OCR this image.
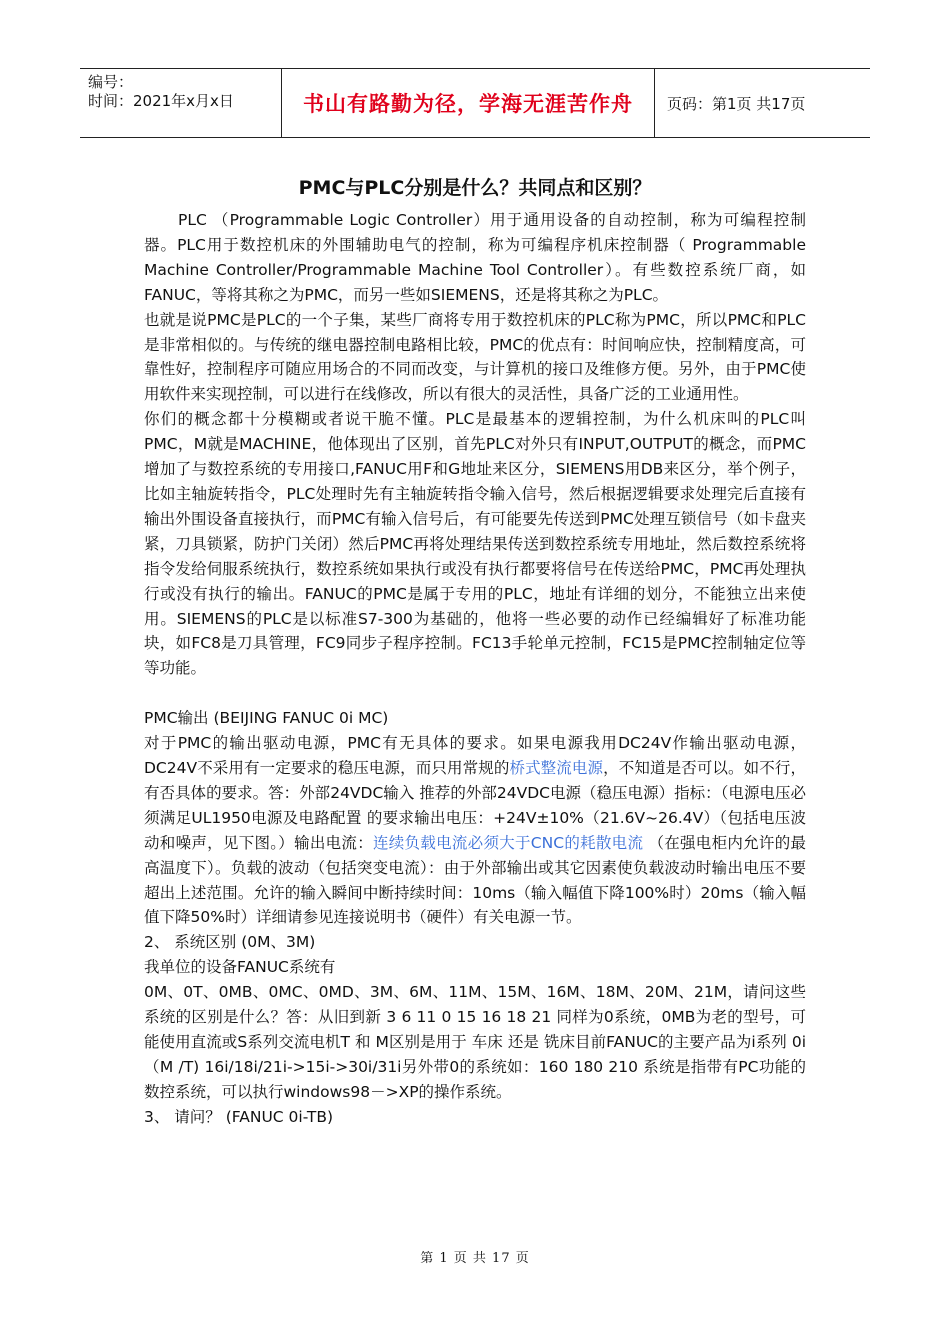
编号：
时间：2021年x月x日	书山有路勤为径，学海无涯苦作舟	页码：第1页 共17页
PMC与PLC分别是什么？共同点和区别？

PLC （Programmable Logic Controller）用于通用设备的自动控制，称为可编程控制器。PLC用于数控机床的外围辅助电气的控制，称为可编程序机床控制器（ Programmable Machine Controller/Programmable Machine Tool Controller）。有些数控系统厂商，如FANUC，等将其称之为PMC，而另一些如SIEMENS，还是将其称之为PLC。

也就是说PMC是PLC的一个子集，某些厂商将专用于数控机床的PLC称为PMC，所以PMC和PLC是非常相似的。与传统的继电器控制电路相比较，PMC的优点有：时间响应快，控制精度高，可靠性好，控制程序可随应用场合的不同而改变，与计算机的接口及维修方便。另外，由于PMC使用软件来实现控制，可以进行在线修改，所以有很大的灵活性，具备广泛的工业通用性。

你们的概念都十分模糊或者说干脆不懂。PLC是最基本的逻辑控制，为什么机床叫的PLC叫PMC，M就是MACHINE，他体现出了区别，首先PLC对外只有INPUT,OUTPUT的概念，而PMC增加了与数控系统的专用接口,FANUC用F和G地址来区分，SIEMENS用DB来区分，举个例子，比如主轴旋转指令，PLC处理时先有主轴旋转指令输入信号，然后根据逻辑要求处理完后直接有输出外围设备直接执行，而PMC有输入信号后，有可能要先传送到PMC处理互锁信号（如卡盘夹紧，刀具锁紧，防护门关闭）然后PMC再将处理结果传送到数控系统专用地址，然后数控系统将指令发给伺服系统执行，数控系统如果执行或没有执行都要将信号在传送给PMC，PMC再处理执行或没有执行的输出。FANUC的PMC是属于专用的PLC，地址有详细的划分，不能独立出来使用。SIEMENS的PLC是以标准S7-300为基础的，他将一些必要的动作已经编辑好了标准功能块，如FC8是刀具管理，FC9同步子程序控制。FC13手轮单元控制，FC15是PMC控制轴定位等等功能。

PMC输出 (BEIJING FANUC 0i MC)

对于PMC的输出驱动电源，PMC有无具体的要求。如果电源我用DC24V作输出驱动电源，DC24V不采用有一定要求的稳压电源，而只用常规的桥式整流电源，不知道是否可以。如不行，有否具体的要求。答：外部24VDC输入 推荐的外部24VDC电源（稳压电源）指标：（电源电压必须满足UL1950电源及电路配置 的要求输出电压：+24V±10%（21.6V~26.4V）（包括电压波动和噪声，见下图。）输出电流：连续负载电流必须大于CNC的耗散电流 （在强电柜内允许的最高温度下）。负载的波动（包括突变电流）：由于外部输出或其它因素使负载波动时输出电压不要超出上述范围。允许的输入瞬间中断持续时间：10ms（输入幅值下降100%时）20ms（输入幅值下降50%时）详细请参见连接说明书（硬件）有关电源一节。

2、 系统区别 (0M、3M)

我单位的设备FANUC系统有

0M、0T、0MB、0MC、0MD、3M、6M、11M、15M、16M、18M、20M、21M，请问这些系统的区别是什么？答：从旧到新 3 6 11 0 15 16 18 21 同样为0系统，0MB为老的型号，可能使用直流或S系列交流电机T 和 M区别是用于 车床 还是 铣床目前FANUC的主要产品为i系列 0i（M /T) 16i/18i/21i->15i->30i/31i另外带0的系统如：160 180 210 系统是指带有PC功能的数控系统，可以执行windows98－>XP的操作系统。

3、 请问？ (FANUC 0i-TB)

第 1 页 共 17 页
